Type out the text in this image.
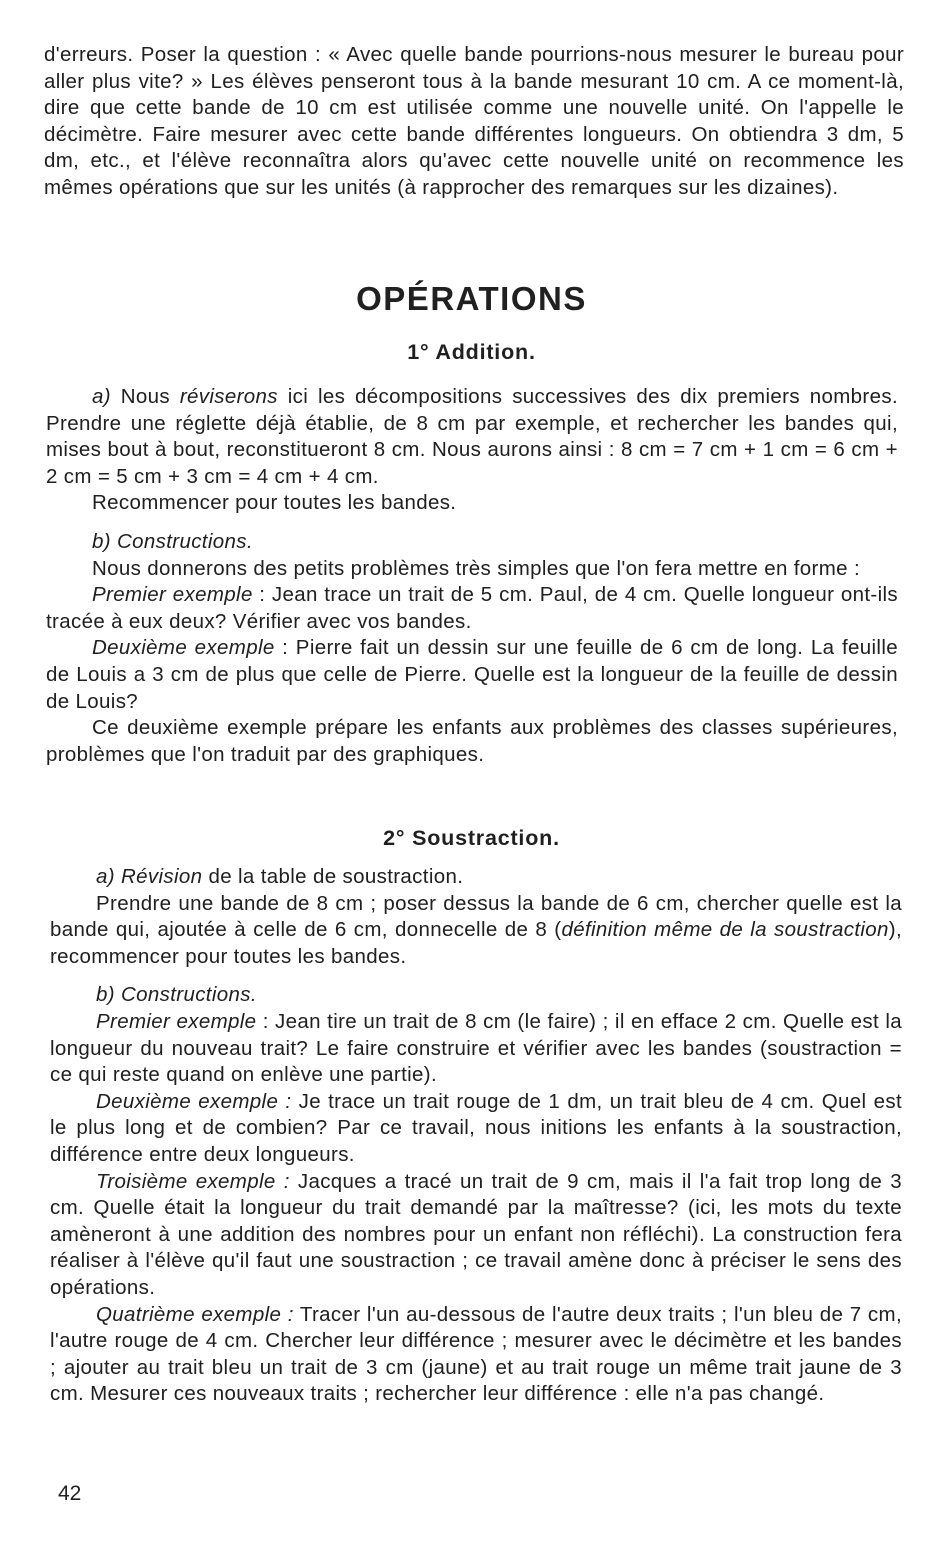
d'erreurs. Poser la question : « Avec quelle bande pourrions-nous mesurer le bureau pour aller plus vite? » Les élèves penseront tous à la bande mesurant 10 cm. A ce moment-là, dire que cette bande de 10 cm est utilisée comme une nouvelle unité. On l'appelle le décimètre. Faire mesurer avec cette bande différentes longueurs. On obtiendra 3 dm, 5 dm, etc., et l'élève reconnaîtra alors qu'avec cette nouvelle unité on recommence les mêmes opérations que sur les unités (à rapprocher des remarques sur les dizaines).

OPÉRATIONS
1° Addition.

a) Nous réviserons ici les décompositions successives des dix premiers nombres. Prendre une réglette déjà établie, de 8 cm par exemple, et rechercher les bandes qui, mises bout à bout, reconstitueront 8 cm. Nous aurons ainsi : 8 cm = 7 cm + 1 cm = 6 cm + 2 cm = 5 cm + 3 cm = 4 cm + 4 cm.

Recommencer pour toutes les bandes.

b) Constructions.

Nous donnerons des petits problèmes très simples que l'on fera mettre en forme :

Premier exemple : Jean trace un trait de 5 cm. Paul, de 4 cm. Quelle longueur ont-ils tracée à eux deux? Vérifier avec vos bandes.

Deuxième exemple : Pierre fait un dessin sur une feuille de 6 cm de long. La feuille de Louis a 3 cm de plus que celle de Pierre. Quelle est la longueur de la feuille de dessin de Louis?

Ce deuxième exemple prépare les enfants aux problèmes des classes supérieures, problèmes que l'on traduit par des graphiques.

2° Soustraction.

a) Révision de la table de soustraction.

Prendre une bande de 8 cm ; poser dessus la bande de 6 cm, chercher quelle est la bande qui, ajoutée à celle de 6 cm, donnecelle de 8 (définition même de la soustraction), recommencer pour toutes les bandes.

b) Constructions.

Premier exemple : Jean tire un trait de 8 cm (le faire) ; il en efface 2 cm. Quelle est la longueur du nouveau trait? Le faire construire et vérifier avec les bandes (soustraction = ce qui reste quand on enlève une partie).

Deuxième exemple : Je trace un trait rouge de 1 dm, un trait bleu de 4 cm. Quel est le plus long et de combien? Par ce travail, nous initions les enfants à la soustraction, différence entre deux longueurs.

Troisième exemple : Jacques a tracé un trait de 9 cm, mais il l'a fait trop long de 3 cm. Quelle était la longueur du trait demandé par la maîtresse? (ici, les mots du texte amèneront à une addition des nombres pour un enfant non réfléchi). La construction fera réaliser à l'élève qu'il faut une soustraction ; ce travail amène donc à préciser le sens des opérations.

Quatrième exemple : Tracer l'un au-dessous de l'autre deux traits ; l'un bleu de 7 cm, l'autre rouge de 4 cm. Chercher leur différence ; mesurer avec le décimètre et les bandes ; ajouter au trait bleu un trait de 3 cm (jaune) et au trait rouge un même trait jaune de 3 cm. Mesurer ces nouveaux traits ; rechercher leur différence : elle n'a pas changé.

42
